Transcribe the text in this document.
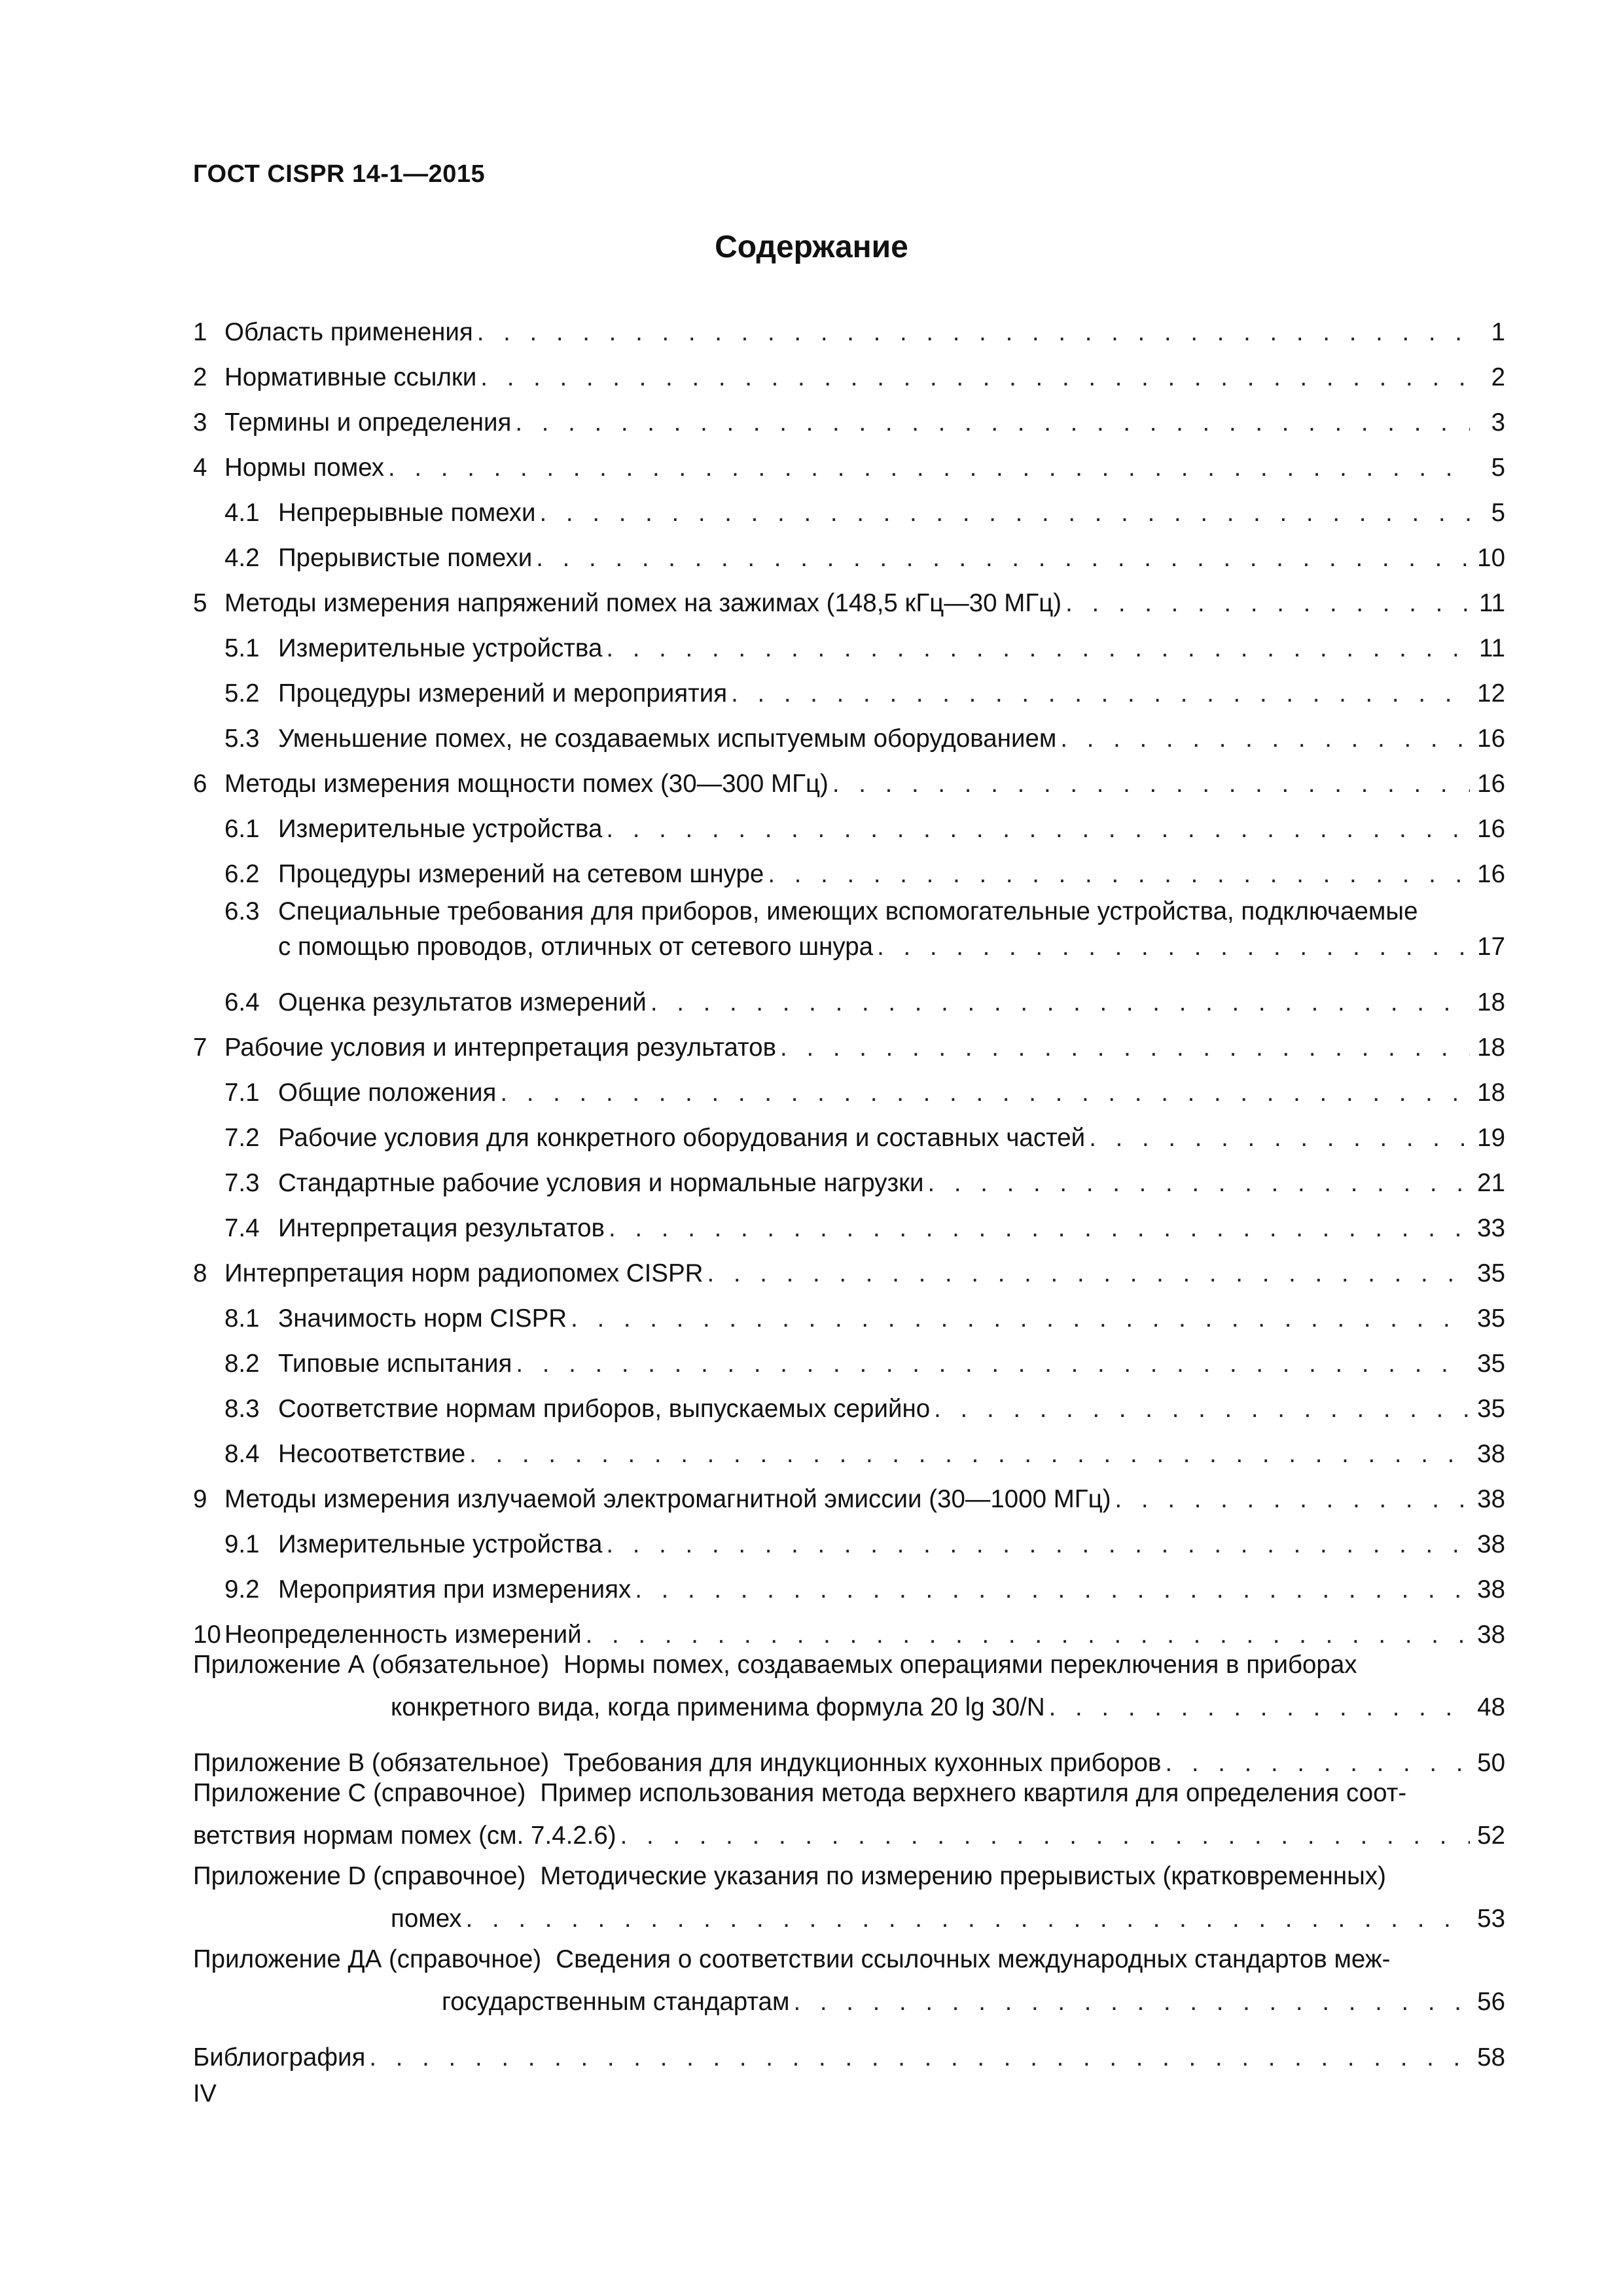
ГОСТ CISPR 14-1—2015
Содержание
1 Область применения . . .	1
2 Нормативные ссылки . . .	2
3 Термины и определения . . .	3
4 Нормы помех . . .	5
4.1 Непрерывные помехи . . .	5
4.2 Прерывистые помехи . . .	10
5 Методы измерения напряжений помех на зажимах (148,5 кГц—30 МГц) . . .	11
5.1 Измерительные устройства . . .	11
5.2 Процедуры измерений и мероприятия . . .	12
5.3 Уменьшение помех, не создаваемых испытуемым оборудованием . . .	16
6 Методы измерения мощности помех (30—300 МГц) . . .	16
6.1 Измерительные устройства . . .	16
6.2 Процедуры измерений на сетевом шнуре . . .	16
6.3 Специальные требования для приборов, имеющих вспомогательные устройства, подключаемые
с помощью проводов, отличных от сетевого шнура . . .	17
6.4 Оценка результатов измерений . . .	18
7 Рабочие условия и интерпретация результатов . . .	18
7.1 Общие положения . . .	18
7.2 Рабочие условия для конкретного оборудования и составных частей . . .	19
7.3 Стандартные рабочие условия и нормальные нагрузки . . .	21
7.4 Интерпретация результатов . . .	33
8 Интерпретация норм радиопомех CISPR . . .	35
8.1 Значимость норм CISPR . . .	35
8.2 Типовые испытания . . .	35
8.3 Соответствие нормам приборов, выпускаемых серийно . . .	35
8.4 Несоответствие . . .	38
9 Методы измерения излучаемой электромагнитной эмиссии (30—1000 МГц) . . .	38
9.1 Измерительные устройства . . .	38
9.2 Мероприятия при измерениях . . .	38
10 Неопределенность измерений . . .	38
Приложение А (обязательное) Нормы помех, создаваемых операциями переключения в приборах
конкретного вида, когда применима формула 20 lg 30/N . . .	48
Приложение В (обязательное) Требования для индукционных кухонных приборов . . .	50
Приложение С (справочное) Пример использования метода верхнего квартиля для определения соот-
ветствия нормам помех (см. 7.4.2.6) . . .	52
Приложение D (справочное) Методические указания по измерению прерывистых (кратковременных)
помех . . .	53
Приложение ДА (справочное) Сведения о соответствии ссылочных международных стандартов меж-
государственным стандартам . . .	56
Библиография . . .	58
IV
